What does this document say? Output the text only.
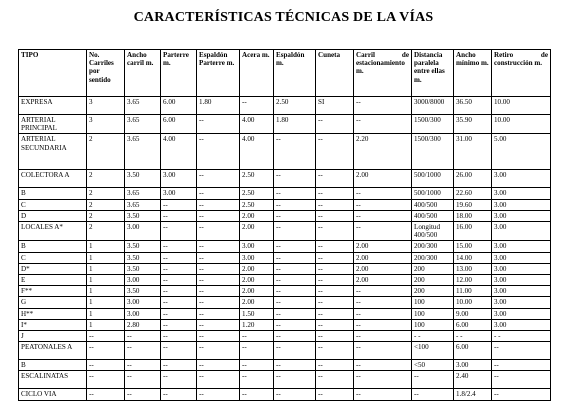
CARACTERÍSTICAS TÉCNICAS DE LA VÍAS
TIPO	No. Carriles por sentido	Ancho carril m.	Parterre m.	Espaldón Parterre m.	Acera m.	Espaldón m.	Cuneta	Carril de estacionamiento m.	Distancia paralela entre ellas m.	Ancho mínimo m.	Retiro de construcción m.
EXPRESA	3	3.65	6.00	1.80	--	2.50	SI	--	3000/8000	36.50	10.00
ARTERIAL PRINCIPAL	3	3.65	6.00	--	4.00	1.80	--	--	1500/300	35.90	10.00
ARTERIAL SECUNDARIA	2	3.65	4.00	--	4.00	--	--	2.20	1500/300	31.00	5.00
COLECTORA A	2	3.50	3.00	--	2.50	--	--	2.00	500/1000	26.00	3.00
B	2	3.65	3.00	--	2.50	--	--	--	500/1000	22.60	3.00
C	2	3.65	--	--	2.50	--	--	--	400/500	19.60	3.00
D	2	3.50	--	--	2.00	--	--	--	400/500	18.00	3.00
LOCALES A*	2	3.00	--	--	2.00	--	--	--	Longitud 400/500	16.00	3.00
B	1	3.50	--	--	3.00	--	--	2.00	200/300	15.00	3.00
C	1	3.50	--	--	3.00	--	--	2.00	200/300	14.00	3.00
D*	1	3.50	--	--	2.00	--	--	2.00	200	13.00	3.00
E	1	3.00	--	--	2.00	--	--	2.00	200	12.00	3.00
F**	1	3.50	--	--	2.00	--	--	--	200	11.00	3.00
G	1	3.00	--	--	2.00	--	--	--	100	10.00	3.00
H**	1	3.00	--	--	1.50	--	--	--	100	9.00	3.00
I*	1	2.80	--	--	1.20	--	--	--	100	6.00	3.00
J	--	--	--	--	--	--	--	--	- -	- -	- -
PEATONALES A	--	--	--	--	--	--	--	--	<100	6.00	--
B	--	--	--	--	--	--	--	--	<50	3.00	--
ESCALINATAS	--	--	--	--	--	--	--	--	--	2.40	--
CICLO VIA	--	--	--	--	--	--	--	--	--	1.8/2.4	--
